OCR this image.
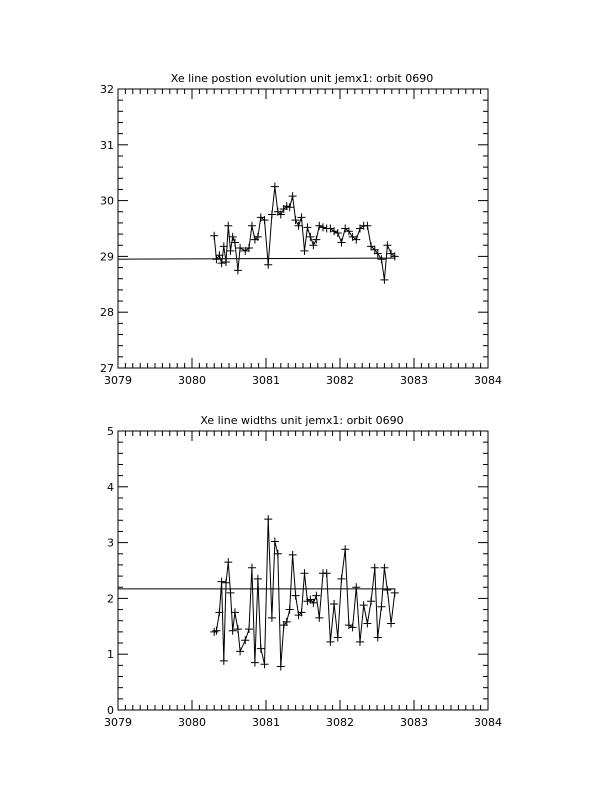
Xe line postion evolution unit jemx1: orbit 0690
3079	3080	3081	3082	3083	3084
27
28
29
30
31
32
Xe line widths unit jemx1: orbit 0690
3079	3080	3081	3082	3083	3084
0
1
2
3
4
5
